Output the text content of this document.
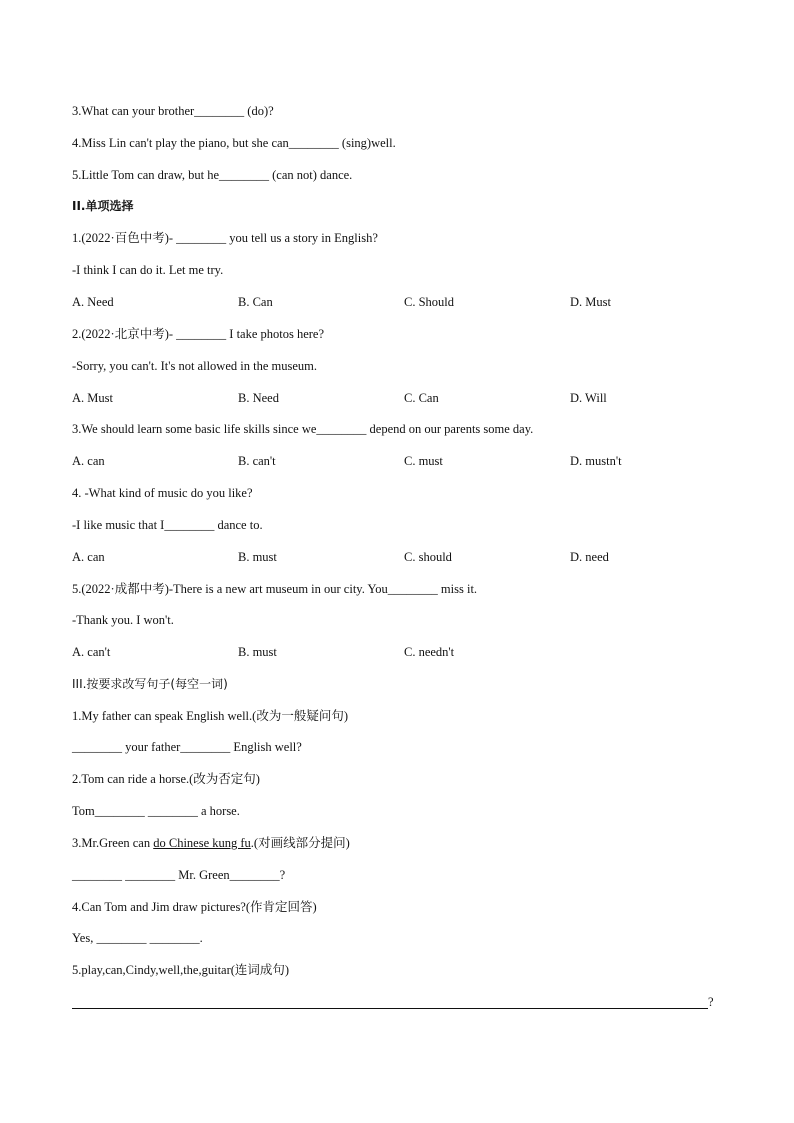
3.What can your brother________ (do)?
4.Miss Lin can't play the piano, but she can________ (sing)well.
5.Little Tom can draw, but he________ (can not) dance.
II.单项选择
1.(2022·百色中考)- ________ you tell us a story in English?
-I think I can do it. Let me try.
A. Need	B. Can	C. Should	D. Must
2.(2022·北京中考)- ________ I take photos here?
-Sorry, you can't. It's not allowed in the museum.
A. Must	B. Need	C. Can	D. Will
3.We should learn some basic life skills since we________ depend on our parents some day.
A. can	B. can't	C. must	D. mustn't
4. -What kind of music do you like?
-I like music that I________ dance to.
A. can	B. must	C. should	D. need
5.(2022·成都中考)-There is a new art museum in our city. You________ miss it.
-Thank you. I won't.
A. can't	B. must	C. needn't
III.按要求改写句子(每空一词)
1.My father can speak English well.(改为一般疑问句)
________ your father________ English well?
2.Tom can ride a horse.(改为否定句)
Tom________ ________ a horse.
3.Mr.Green can do Chinese kung fu.(对画线部分提问)
________ ________ Mr. Green________?
4.Can Tom and Jim draw pictures?(作肯定回答)
Yes, ________ ________.
5.play,can,Cindy,well,the,guitar(连词成句)
?
